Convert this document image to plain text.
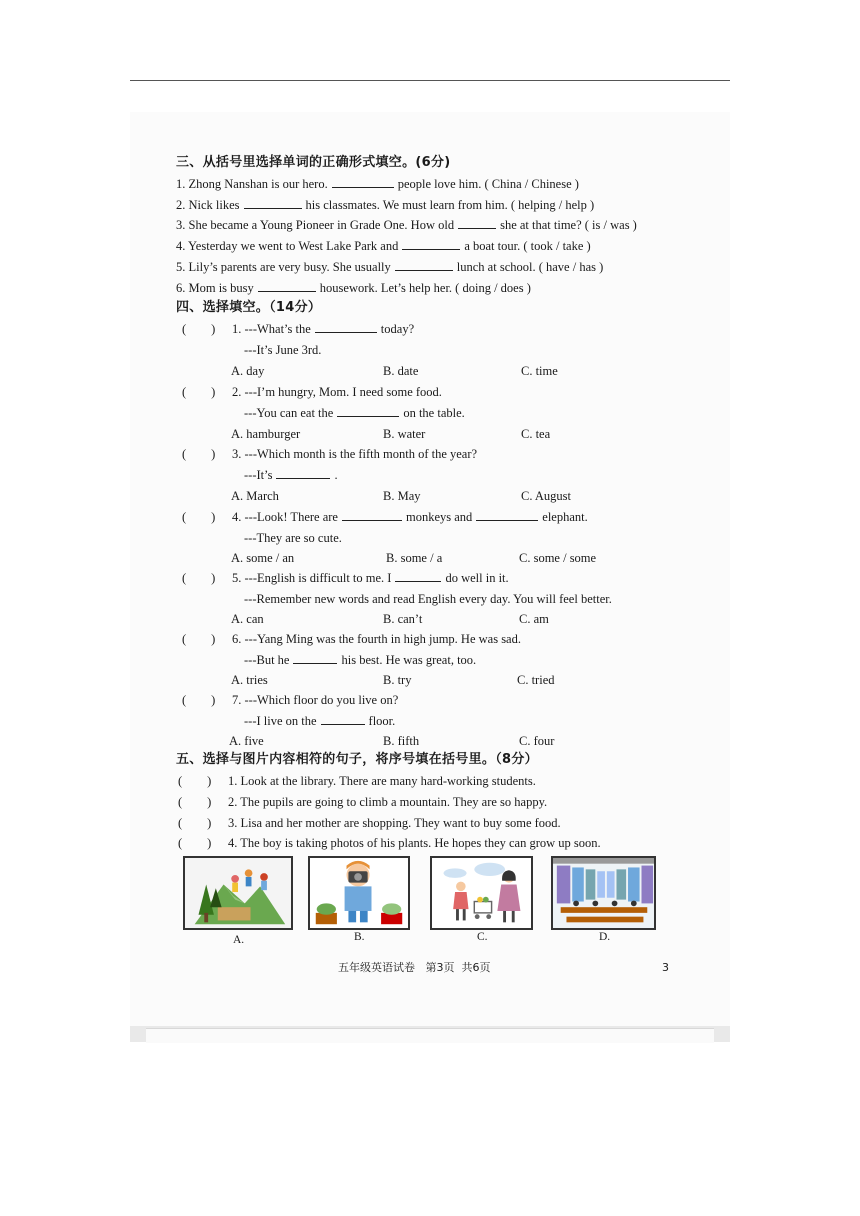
三、从括号里选择单词的正确形式填空。(6分)
1. Zhong Nanshan is our hero.	people love him. ( China / Chinese )
2. Nick likes	his classmates. We must learn from him. ( helping / help )
3. She became a Young Pioneer in Grade One. How old	she at that time? ( is / was )
4. Yesterday we went to West Lake Park and	a boat tour. ( took / take )
5. Lily’s parents are very busy. She usually	lunch at school. ( have / has )
6. Mom is busy	housework. Let’s help her. ( doing / does )
四、选择填空。（14分）
(　　) 1. ---What’s the	today?
---It’s June 3rd.
A. day	B. date	C. time
(　　) 2. ---I’m hungry, Mom. I need some food.
---You can eat the	on the table.
A. hamburger	B. water	C. tea
(　　) 3. ---Which month is the fifth month of the year?
---It’s	.
A. March	B. May	C. August
(　　) 4. ---Look! There are	monkeys and	elephant.
---They are so cute.
A. some / an	B. some / a	C. some / some
(　　) 5. ---English is difficult to me. I	do well in it.
---Remember new words and read English every day. You will feel better.
A. can	B. can’t	C. am
(　　) 6. ---Yang Ming was the fourth in high jump. He was sad.
---But he	his best. He was great, too.
A. tries	B. try	C. tried
(　　) 7. ---Which floor do you live on?
---I live on the	floor.
A. five	B. fifth	C. four
五、选择与图片内容相符的句子，将序号填在括号里。（8分）
(　　) 1. Look at the library. There are many hard-working students.
(　　) 2. The pupils are going to climb a mountain. They are so happy.
(　　) 3. Lisa and her mother are shopping. They want to buy some food.
(　　) 4. The boy is taking photos of his plants. He hopes they can grow up soon.
A.	B.	C.	D.
五年级英语试卷 第3页 共6页	3
